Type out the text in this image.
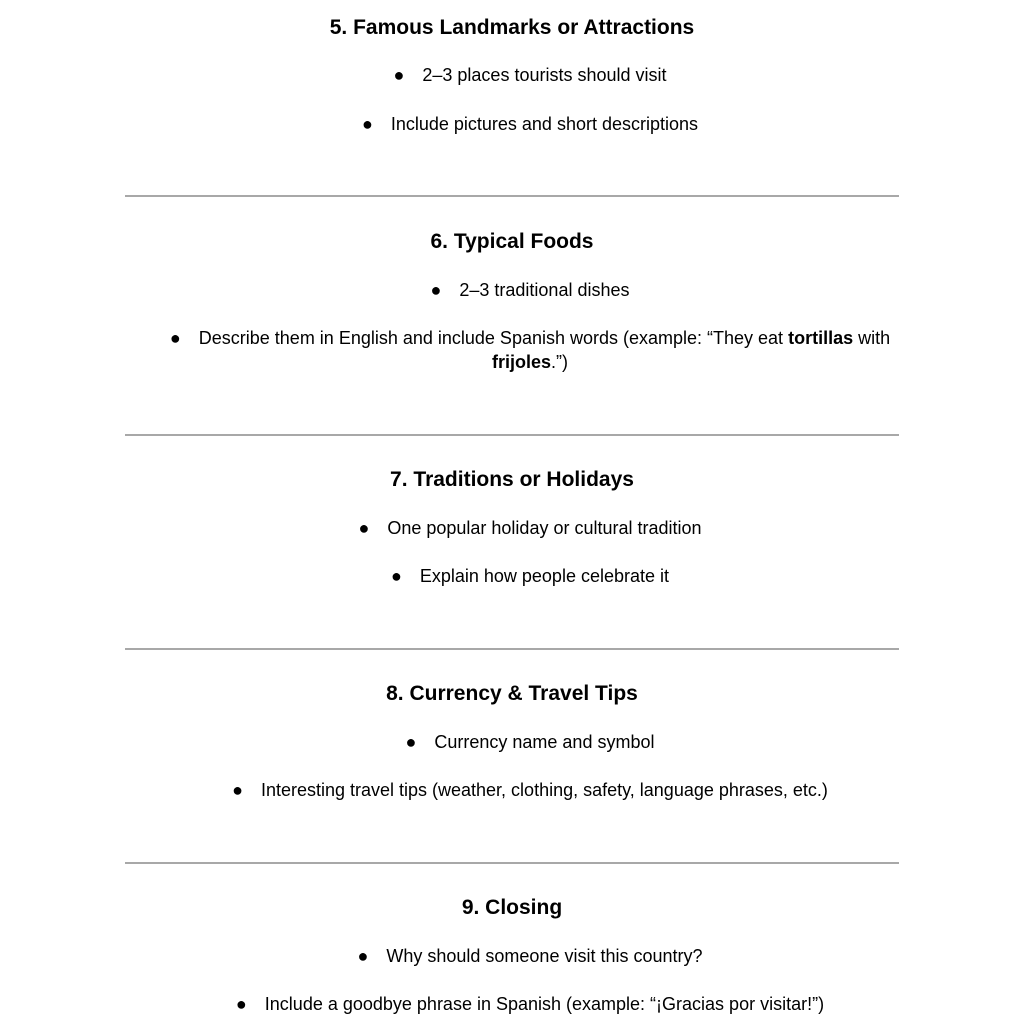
5. Famous Landmarks or Attractions
● 2–3 places tourists should visit
● Include pictures and short descriptions
6. Typical Foods
● 2–3 traditional dishes
● Describe them in English and include Spanish words (example: “They eat tortillas with frijoles.”)
7. Traditions or Holidays
● One popular holiday or cultural tradition
● Explain how people celebrate it
8. Currency & Travel Tips
● Currency name and symbol
● Interesting travel tips (weather, clothing, safety, language phrases, etc.)
9. Closing
● Why should someone visit this country?
● Include a goodbye phrase in Spanish (example: “¡Gracias por visitar!”)
